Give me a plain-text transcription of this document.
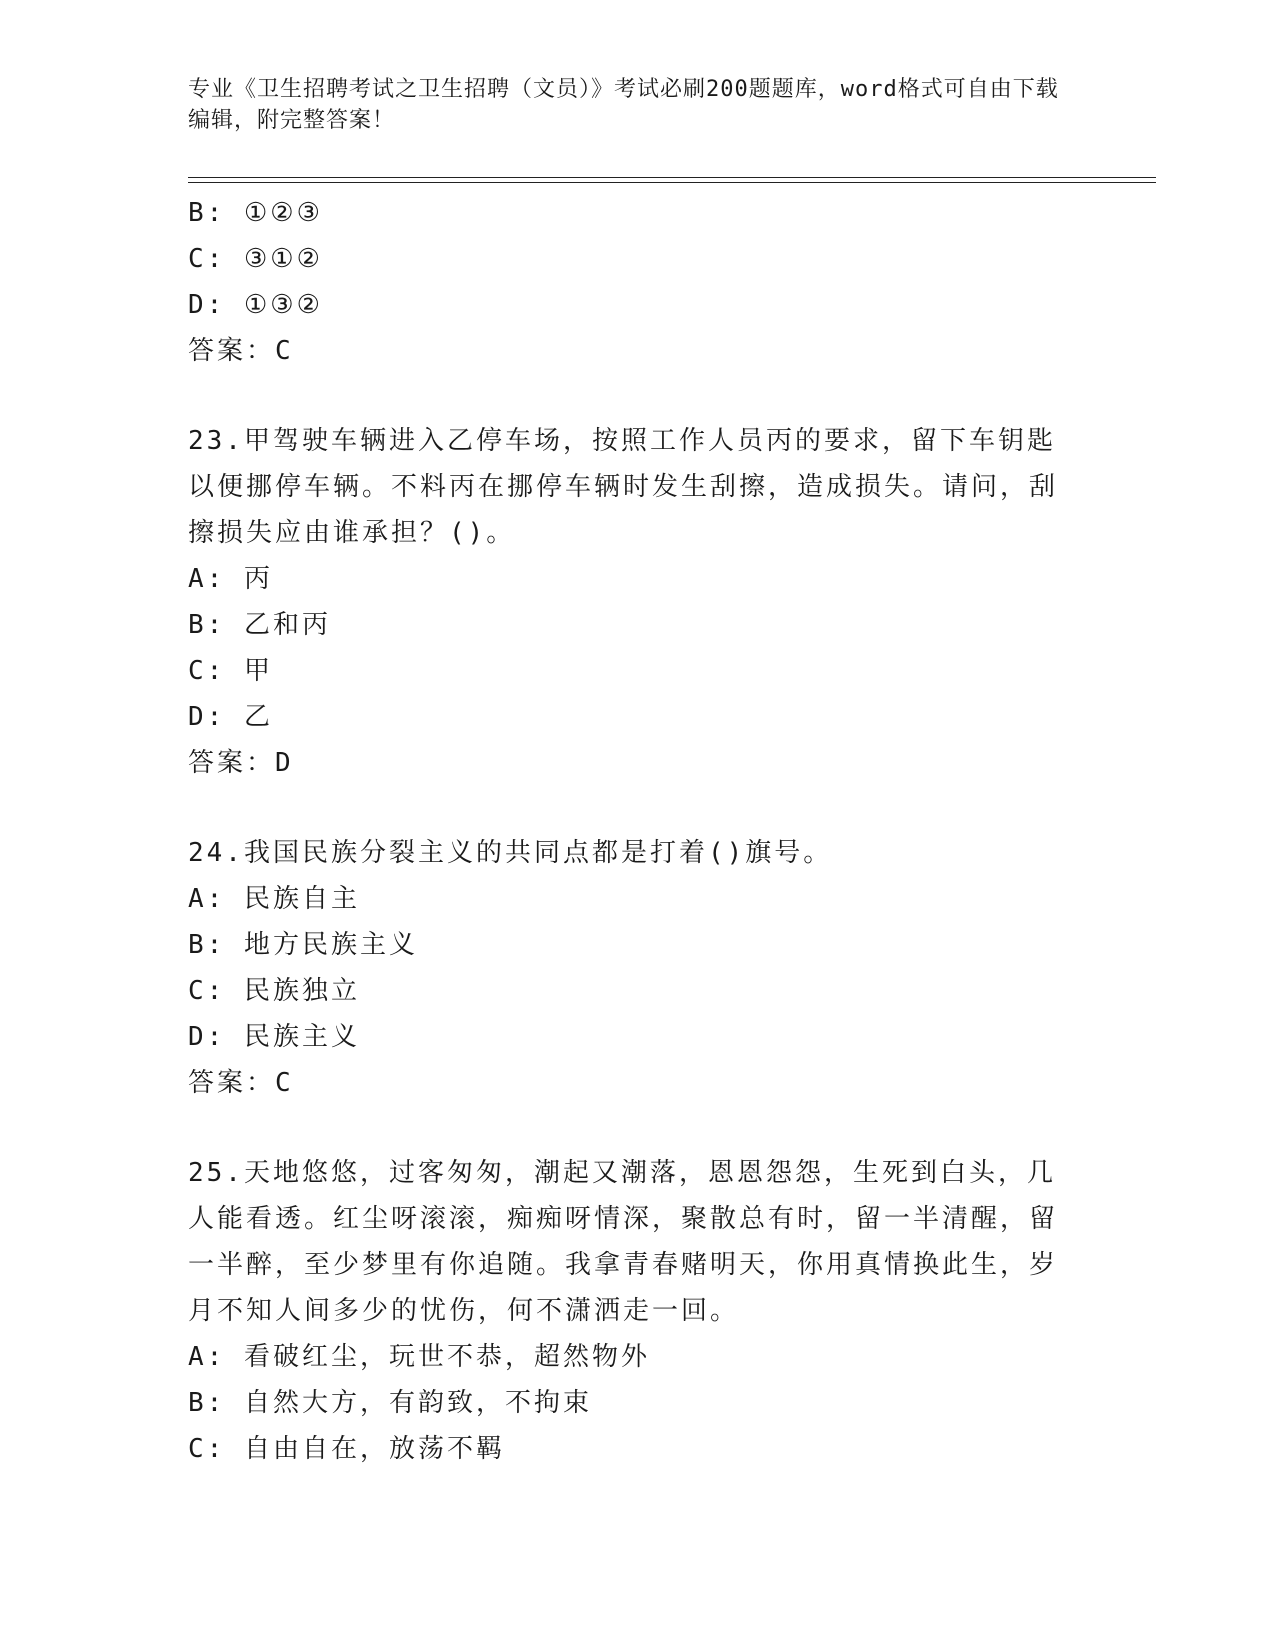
专业《卫生招聘考试之卫生招聘（文员）》考试必刷200题题库，word格式可自由下载编辑，附完整答案！
B: ①②③
C: ③①②
D: ①③②
答案：C
23.甲驾驶车辆进入乙停车场，按照工作人员丙的要求，留下车钥匙以便挪停车辆。不料丙在挪停车辆时发生刮擦，造成损失。请问，刮擦损失应由谁承担？()。
A: 丙
B: 乙和丙
C: 甲
D: 乙
答案：D
24.我国民族分裂主义的共同点都是打着()旗号。
A: 民族自主
B: 地方民族主义
C: 民族独立
D: 民族主义
答案：C
25.天地悠悠，过客匆匆，潮起又潮落，恩恩怨怨，生死到白头，几人能看透。红尘呀滚滚，痴痴呀情深，聚散总有时，留一半清醒，留一半醉，至少梦里有你追随。我拿青春赌明天，你用真情换此生，岁月不知人间多少的忧伤，何不潇洒走一回。
A: 看破红尘，玩世不恭，超然物外
B: 自然大方，有韵致，不拘束
C: 自由自在，放荡不羁
